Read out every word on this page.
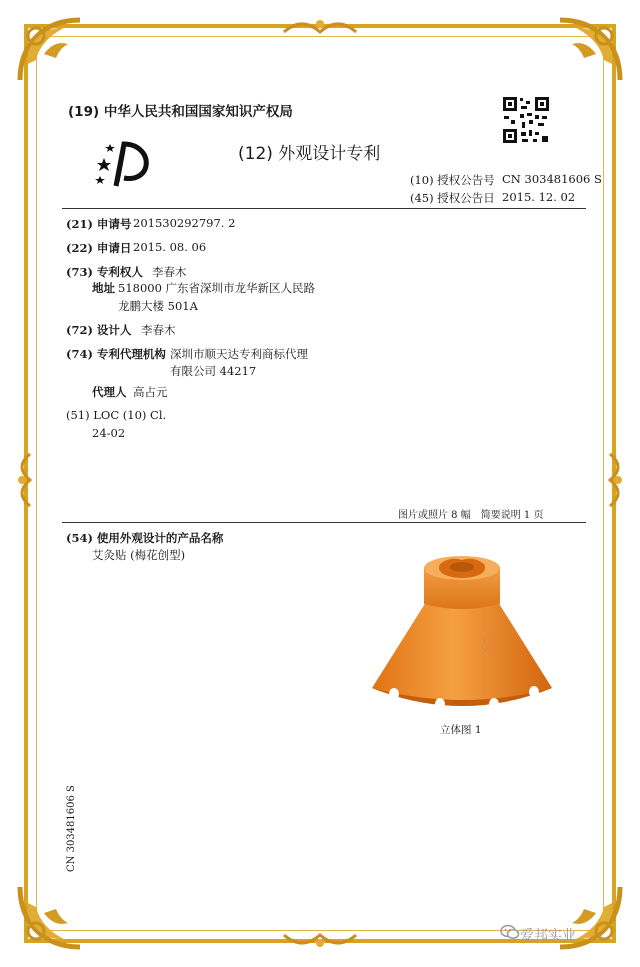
(19) 中华人民共和国国家知识产权局
(12) 外观设计专利
(10) 授权公告号 CN 303481606 S
(45) 授权公告日 2015. 12. 02
(21) 申请号 201530292797. 2
(22) 申请日 2015. 08. 06
(73) 专利权人 李春木
地址 518000 广东省深圳市龙华新区人民路
龙鹏大楼 501A
(72) 设计人 李春木
(74) 专利代理机构 深圳市顺天达专利商标代理
有限公司 44217
代理人 高占元
(51) LOC (10) Cl.
24-02
图片或照片 8 幅　简要说明 1 页
(54) 使用外观设计的产品名称
艾灸贴 (梅花创型)
好
立体图 1
CN 303481606 S
爱邦实业
